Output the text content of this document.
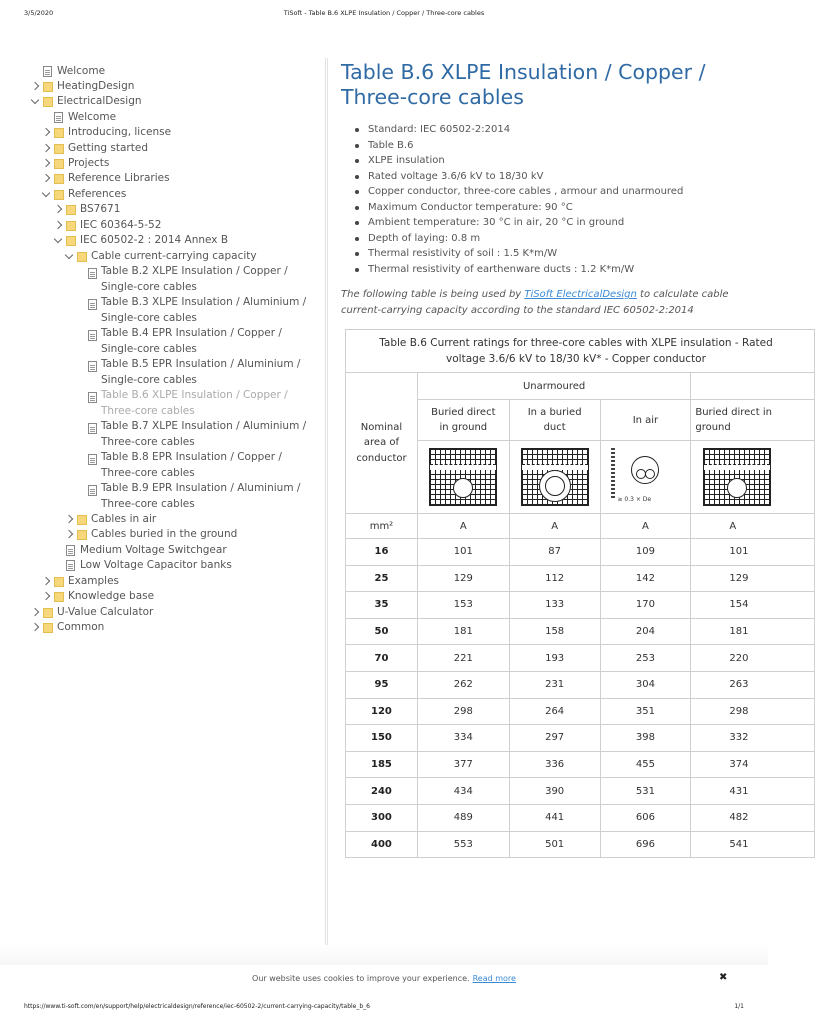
3/5/2020	TiSoft - Table B.6 XLPE Insulation / Copper / Three-core cables
Welcome
HeatingDesign
ElectricalDesign
Welcome
Introducing, license
Getting started
Projects
Reference Libraries
References
BS7671
IEC 60364-5-52
IEC 60502-2 : 2014 Annex B
Cable current-carrying capacity
Table B.2 XLPE Insulation / Copper / Single-core cables
Table B.3 XLPE Insulation / Aluminium / Single-core cables
Table B.4 EPR Insulation / Copper / Single-core cables
Table B.5 EPR Insulation / Aluminium / Single-core cables
Table B.6 XLPE Insulation / Copper / Three-core cables
Table B.7 XLPE Insulation / Aluminium / Three-core cables
Table B.8 EPR Insulation / Copper / Three-core cables
Table B.9 EPR Insulation / Aluminium / Three-core cables
Cables in air
Cables buried in the ground
Medium Voltage Switchgear
Low Voltage Capacitor banks
Examples
Knowledge base
U-Value Calculator
Common
Table B.6 XLPE Insulation / Copper / Three-core cables
Standard: IEC 60502-2:2014
Table B.6
XLPE insulation
Rated voltage 3.6/6 kV to 18/30 kV
Copper conductor, three-core cables , armour and unarmoured
Maximum Conductor temperature: 90 °C
Ambient temperature: 30 °C in air, 20 °C in ground
Depth of laying: 0.8 m
Thermal resistivity of soil : 1.5 K*m/W
Thermal resistivity of earthenware ducts : 1.2 K*m/W
The following table is being used by TiSoft ElectricalDesign to calculate cable current-carrying capacity according to the standard IEC 60502-2:2014
Table B.6 Current ratings for three-core cables with XLPE insulation - Rated voltage 3.6/6 kV to 18/30 kV* - Copper conductor				

Nominal area of conductor	Unarmoured			

	Buried direct in ground	In a buried duct	In air	Buried direct in ground

			≥ 0.3 × De	

mm²	A	A	A	A
16	101	87	109	101
25	129	112	142	129
35	153	133	170	154
50	181	158	204	181
70	221	193	253	220
95	262	231	304	263
120	298	264	351	298
150	334	297	398	332
185	377	336	455	374
240	434	390	531	431
300	489	441	606	482
400	553	501	696	541
Our website uses cookies to improve your experience. Read more	✖
https://www.ti-soft.com/en/support/help/electricaldesign/reference/iec-60502-2/current-carrying-capacity/table_b_6	1/1
